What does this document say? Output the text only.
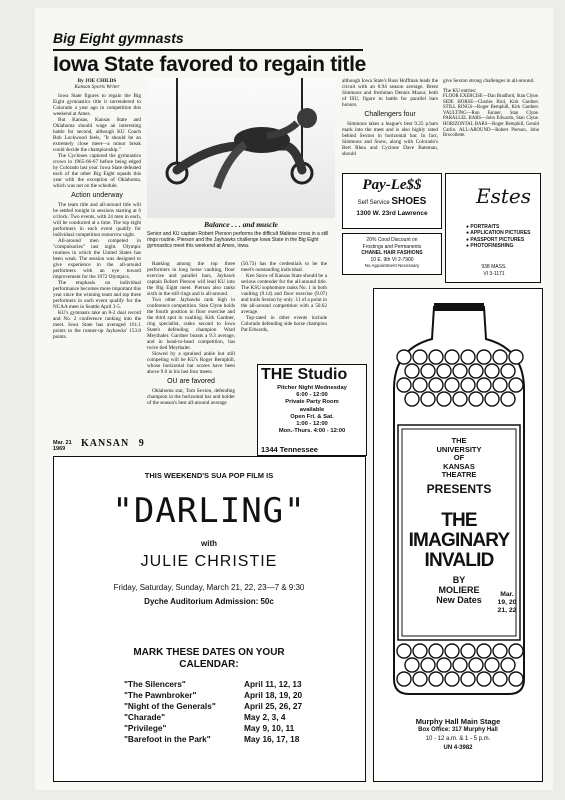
Big Eight gymnasts
Iowa State favored to regain title
By JOE CHILDS
Kansan Sports Writer

Iowa State figures to regain the Big Eight gymnastics title it surrendered to Colorado a year ago in competition this weekend at Ames.

But Kansas, Kansas State and Oklahoma should wage an interesting battle for second, although KU Coach Bob Lockwood feels, "It should be an extremely close meet—a minor break could decide the championship."

The Cyclones captured the gymnastics crown in 1965-66-67 before being edged by Colorado last year. Iowa State defeated each of the other Big Eight squads this year with the exception of Oklahoma, which was not on the schedule.

Action underway

The team title and all-around title will be settled tonight in sessions starting at 6 o'clock. Two events, with 24 men in each, will be conducted at a time. The top eight performers in each event qualify for individual competition tomorrow night.

All-around men competed in "compulsories" last night. Olympic routines in which the United States has been weak. The session was designed to give experience to the all-around performers with an eye toward improvement for the 1972 Olympics.

The emphasis on individual performance becomes more important this year since the winning team and top three performers in each event qualify for the NCAA meet in Seattle April 3-5.

KU's gymnasts take an 8-2 dual record and No. 2 conference ranking into the meet. Iowa State has averaged 161.1 points to the runner-up Jayhawks' 153.8 points.

Balance . . . and muscle

Senior and KU captain Robert Pierson performs the difficult Maltese cross in a still rings routine. Pierson and the Jayhawks challenge Iowa State in the Big Eight gymnastics meet this weekend at Ames, Iowa.

Ranking among the top three performers in long horse vaulting, floor exercise and parallel bars, Jayhawk captain Robert Pierson will lead KU into the Big Eight meet. Pierson also ranks sixth in the still rings and is all-around.

Two other Jayhawks rank high in conference competition. Stan Clyne holds the fourth position in floor exercise and the third spot in vaulting. Kirk Gardner, ring specialist, ranks second to Iowa State's defending champion Ward Meythaler. Gardner boasts a 9.3 average, and in head-to-head competition, has twice tied Meythaler.

Slowed by a sprained ankle but still competing will be KU's Roger Bemphill, whose horizontal bar scores have been above 9.0 in his last four meets.

OU are favored

Oklahoma star, Tom Sexton, defending champion in the horizontal bar and holder of the season's best all-around average

(50.73) has the credentials to be the meet's outstanding individual.

Ken Snow of Kansas State should be a serious contender for the all-around title. The KSU sophomore ranks No. 1 in both vaulting (9.14) and floor exercise (9.07) and trails Sexton by only .11 of a point in the all-around competition with a 50.62 average.

Top-rated in other events include Colorado defending side horse champion Pat Edwards,

although Iowa State's Russ Hoffman leads the circuit with an 8.94 season average. Brent Simmons and freshman Dennis Mazur, both of ISU, figure to battle for parallel bars honors.

Challengers four

Simmons takes a league's best 9.25 p.bars mark into the meet and is also highly rated behind Sexton in horizontal bar. In fact, Simmons and Snow, along with Colorado's Bert Rhea and Cyclone Dave Bateman, should

give Sexton strong challenges in all-around.

The KU entries:

FLOOR EXERCISE—Dan Bradford, Stan Clyne. SIDE HORSE—Charles Bird, Kirk Gardner. STILL RINGS—Roger Bemphill, Kirk Gardner. VAULTING—Ron Fanner, Stan Clyne. PARALLEL BARS—John Edwards, Stan Clyne. HORIZONTAL BARS—Roger Bemphill, Gerald Carlin. ALL-AROUND—Robert Pierson, John Brocollette.

Pay-Le$$
Self Service SHOES
1300 W. 23rd Lawrence
20% Cood Discount on
Frostings and Permanents
CHANEL HAIR FASHIONS
10 E. 9th VI 2-7900
No Appointment Necessary
Estes
● PORTRAITS
● APPLICATION PICTURES
● PASSPORT PICTURES
● PHOTOFINISHING
938 MASS.
VI 3-1171
THE Studio
Pitcher Night Wednesday
6:00 - 12:00
Private Party Room
available
Open Fri. & Sat.
1:00 - 12:00
Mon.-Thurs. 4:00 - 12:00
1344 Tennessee
Mar. 21
1969	KANSAN 9
THIS WEEKEND'S SUA POP FILM IS
"DARLING"
with
JULIE CHRISTIE
Friday, Saturday, Sunday, March 21, 22, 23—7 & 9:30
Dyche Auditorium Admission: 50c
MARK THESE DATES ON YOUR CALENDAR:
"The Silencers"	April 11, 12, 13
"The Pawnbroker"	April 18, 19, 20
"Night of the Generals"	April 25, 26, 27
"Charade"	May 2, 3, 4
"Privilege"	May 9, 10, 11
"Barefoot in the Park"	May 16, 17, 18
THE
UNIVERSITY
OF
KANSAS
THEATRE
PRESENTS
THE
IMAGINARY
INVALID
BY
MOLIERE
New Dates
Mar.
19, 20
21, 22
Murphy Hall Main Stage
Box Office: 317 Murphy Hall
10 - 12 a.m. & 1 - 5 p.m.
UN 4-3982
